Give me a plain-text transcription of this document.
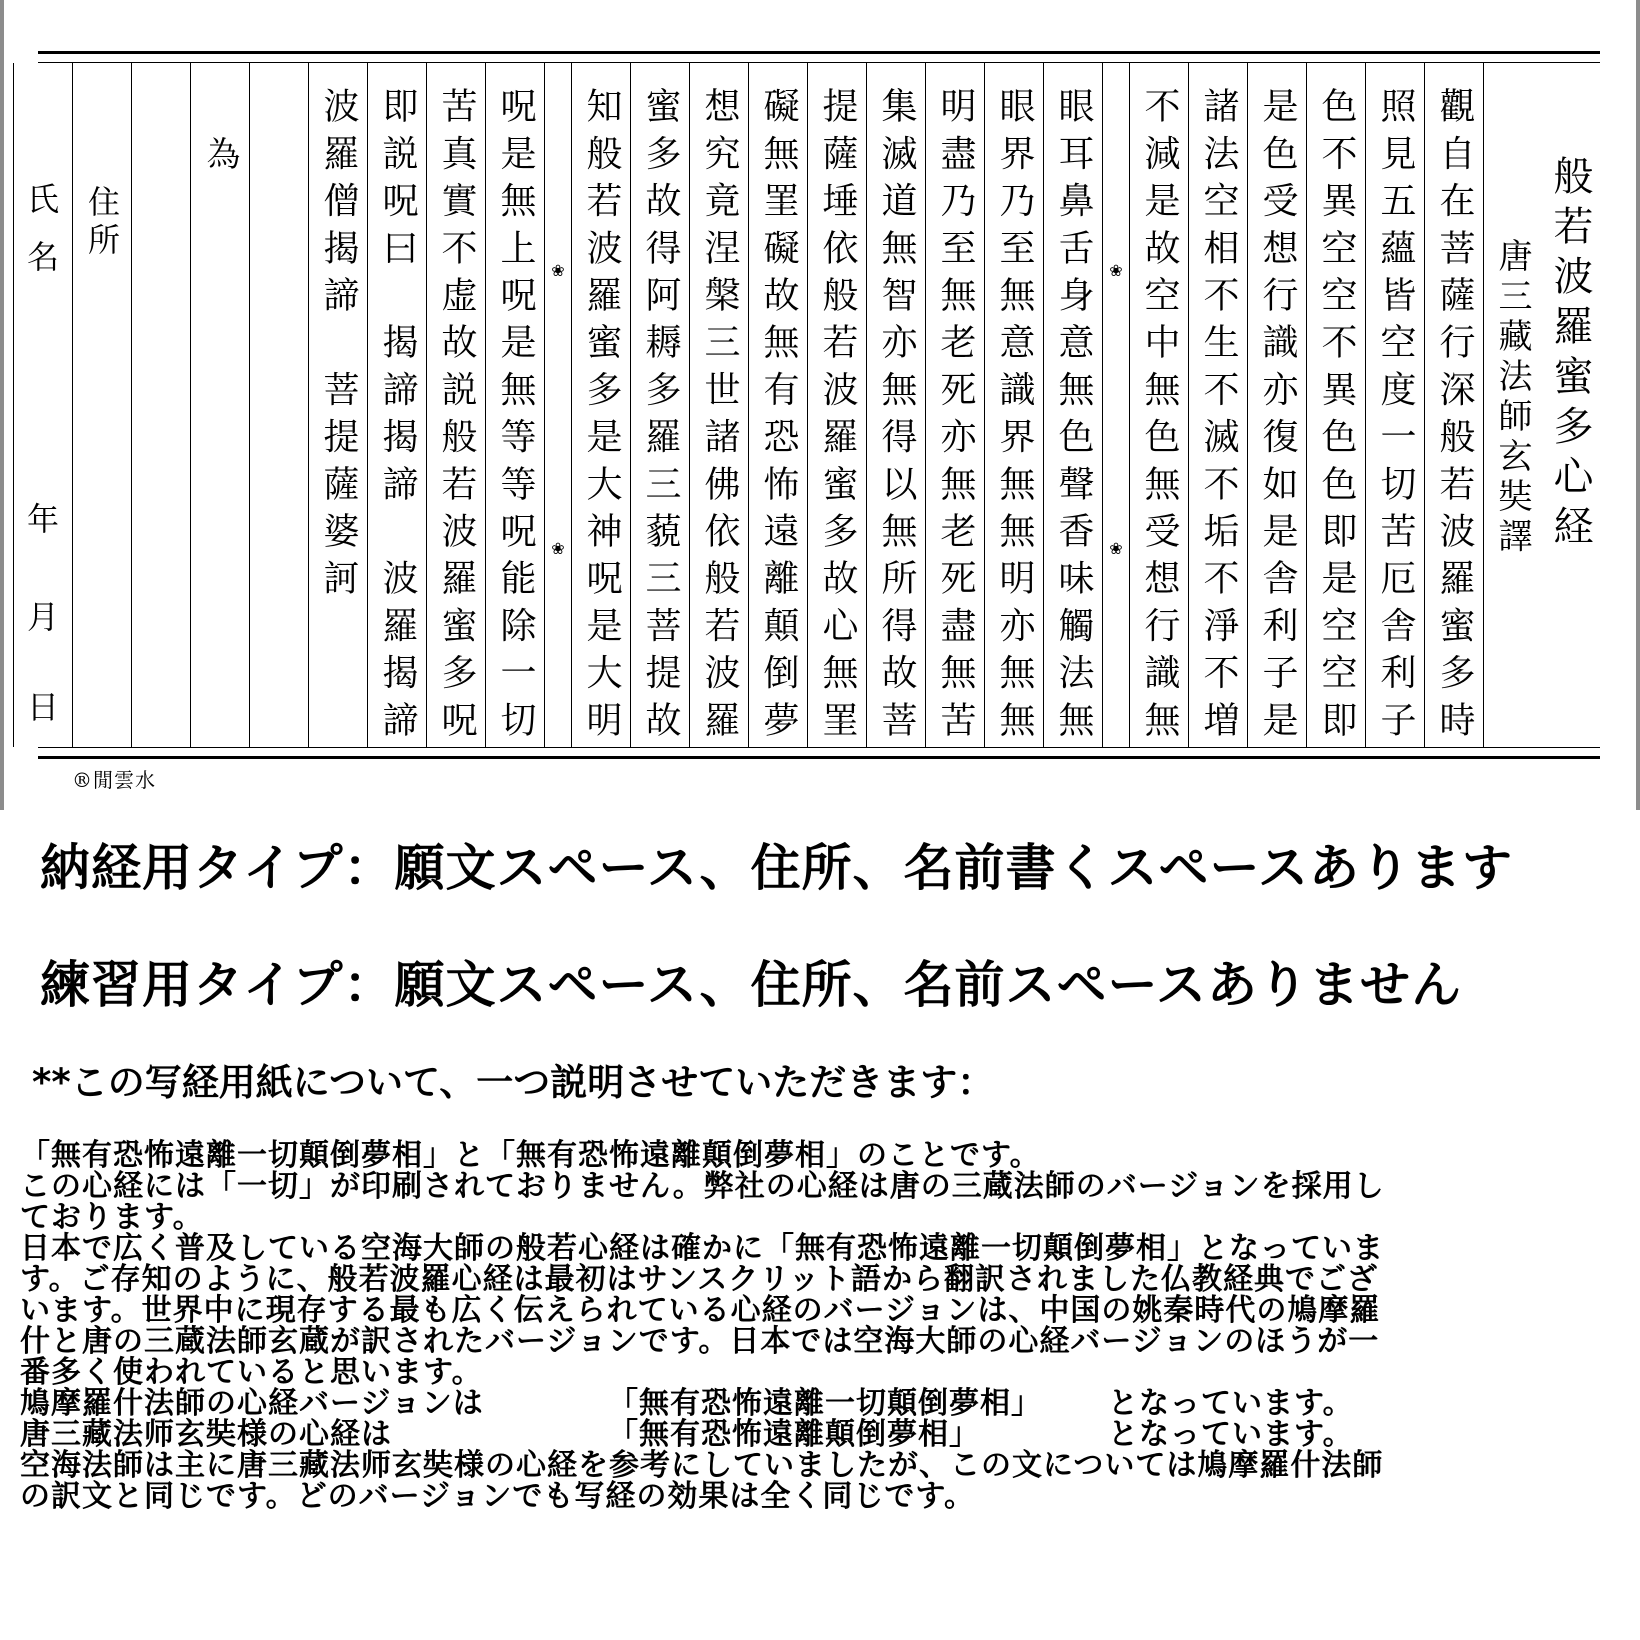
般若波羅蜜多心経
唐三藏法師玄奘譯
觀自在菩薩行深般若波羅蜜多時
照見五蘊皆空度一切苦厄舎利子
色不異空空不異色色即是空空即
是色受想行識亦復如是舎利子是
諸法空相不生不滅不垢不淨不増
不減是故空中無色無受想行識無
❀
❀
眼耳鼻舌身意無色聲香味觸法無
眼界乃至無意識界無無明亦無無
明盡乃至無老死亦無老死盡無苦
集滅道無智亦無得以無所得故菩
提薩埵依般若波羅蜜多故心無罣
礙無罣礙故無有恐怖遠離顛倒夢
想究竟涅槃三世諸佛依般若波羅
蜜多故得阿耨多羅三藐三菩提故
知般若波羅蜜多是大神呪是大明
❀
❀
呪是無上呪是無等等呪能除一切
苦真實不虚故説般若波羅蜜多呪
即説呪曰　揭諦揭諦　波羅揭諦
波羅僧揭諦　菩提薩婆訶
為
住所
氏
名
年
月
日
®閒雲水
納経用タイプ：願文スペース、住所、名前書くスペースあります
練習用タイプ：願文スペース、住所、名前スペースありません
**この写経用紙について、一つ説明させていただきます：
「無有恐怖遠離一切顛倒夢相」と「無有恐怖遠離顛倒夢相」のことです。
この心経には「一切」が印刷されておりません。弊社の心経は唐の三蔵法師のバージョンを採用し
ております。
日本で広く普及している空海大師の般若心経は確かに「無有恐怖遠離一切顛倒夢相」となっていま
す。ご存知のように、般若波羅心経は最初はサンスクリット語から翻訳されました仏教経典でござ
います。世界中に現存する最も広く伝えられている心経のバージョンは、中国の姚秦時代の鳩摩羅
什と唐の三蔵法師玄蔵が訳されたバージョンです。日本では空海大師の心経バージョンのほうが一
番多く使われていると思います。
鳩摩羅什法師の心経バージョンは	「無有恐怖遠離一切顛倒夢相」	となっています。
唐三藏法师玄奘様の心経は	「無有恐怖遠離顛倒夢相」	となっています。
空海法師は主に唐三藏法师玄奘様の心経を参考にしていましたが、この文については鳩摩羅什法師
の訳文と同じです。どのバージョンでも写経の効果は全く同じです。
